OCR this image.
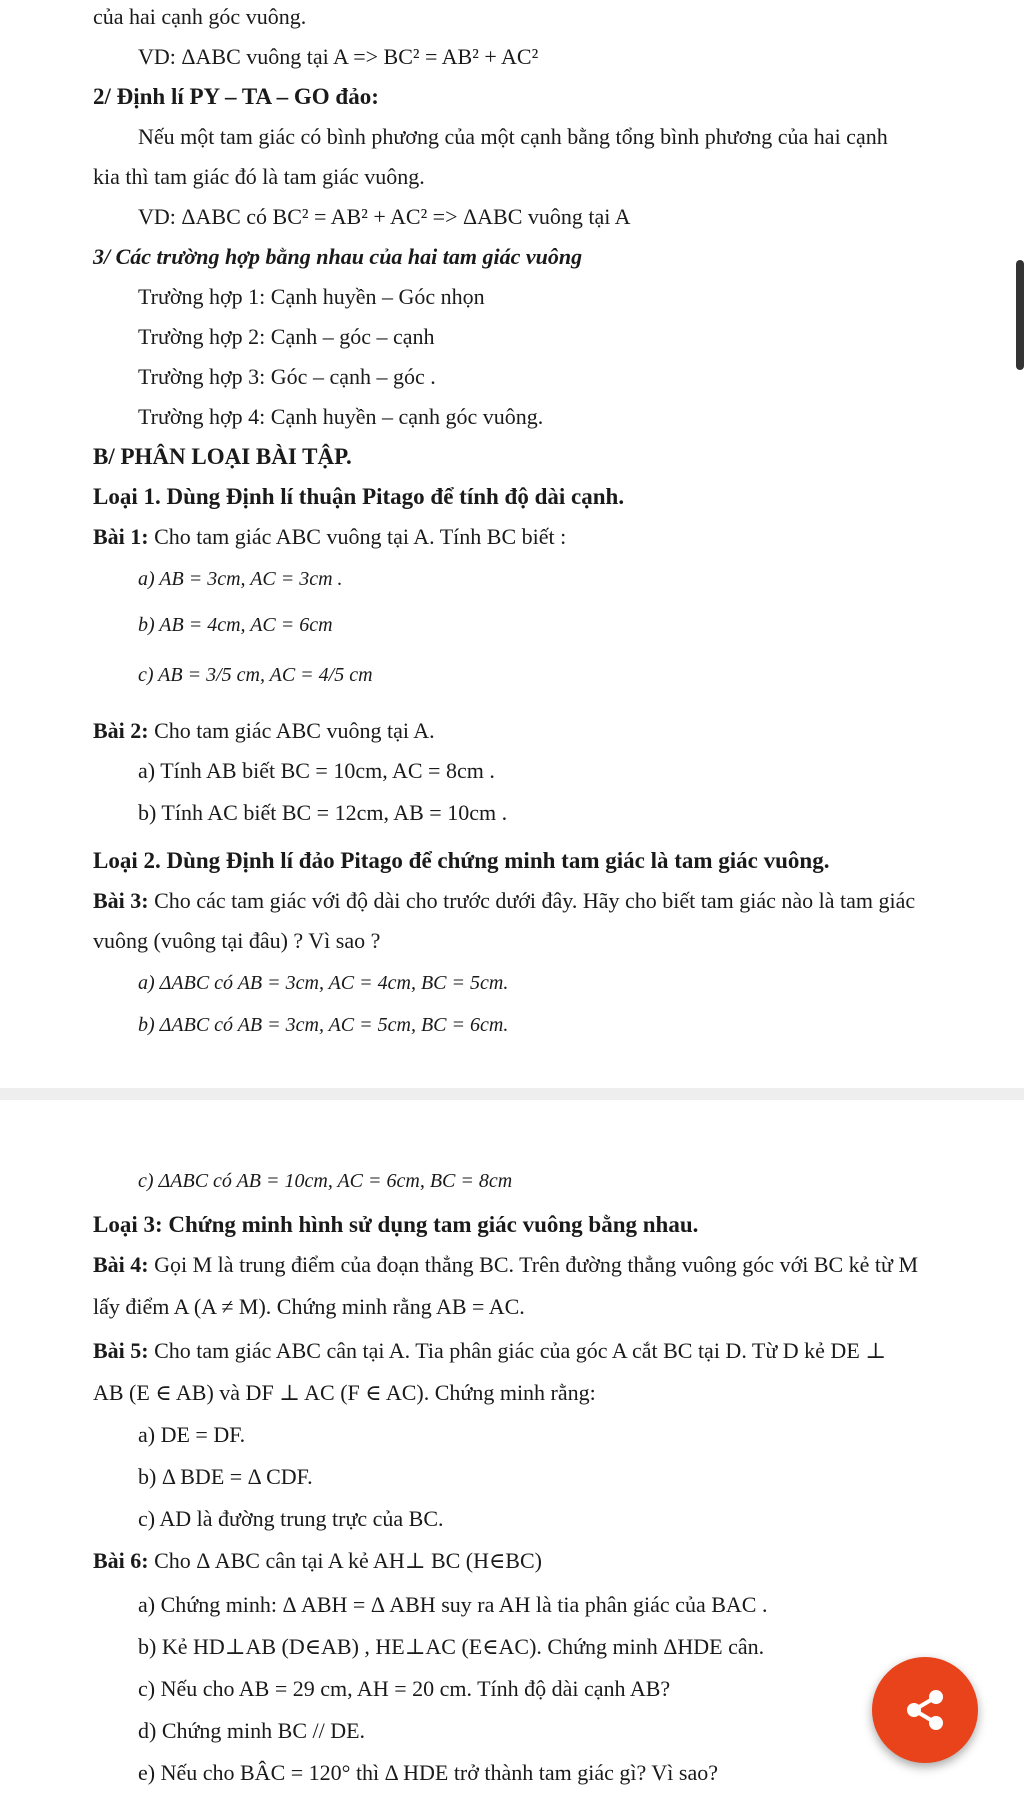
của hai cạnh góc vuông.
VD: ΔABC vuông tại A => BC² = AB² + AC²
2/ Định lí PY – TA – GO đảo:
Nếu một tam giác có bình phương của một cạnh bằng tổng bình phương của hai cạnh
kia thì tam giác đó là tam giác vuông.
VD: ΔABC có BC² = AB² + AC² => ΔABC vuông tại A
3/ Các trường hợp bằng nhau của hai tam giác vuông
Trường hợp 1: Cạnh huyền – Góc nhọn
Trường hợp 2: Cạnh – góc – cạnh
Trường hợp 3: Góc – cạnh – góc .
Trường hợp 4: Cạnh huyền – cạnh góc vuông.
B/ PHÂN LOẠI BÀI TẬP.
Loại 1. Dùng Định lí thuận Pitago để tính độ dài cạnh.
Bài 1: Cho tam giác ABC vuông tại A. Tính BC biết :
a) AB = 3cm, AC = 3cm .
b) AB = 4cm, AC = 6cm
c) AB = 3/5 cm, AC = 4/5 cm
Bài 2: Cho tam giác ABC vuông tại A.
a) Tính AB biết BC = 10cm, AC = 8cm .
b) Tính AC biết BC = 12cm, AB = 10cm .
Loại 2. Dùng Định lí đảo Pitago để chứng minh tam giác là tam giác vuông.
Bài 3: Cho các tam giác với độ dài cho trước dưới đây. Hãy cho biết tam giác nào là tam giác
vuông (vuông tại đâu) ? Vì sao ?
a) ΔABC có AB = 3cm, AC = 4cm, BC = 5cm.
b) ΔABC có AB = 3cm, AC = 5cm, BC = 6cm.
c) ΔABC có AB = 10cm, AC = 6cm, BC = 8cm
Loại 3: Chứng minh hình sử dụng tam giác vuông bằng nhau.
Bài 4: Gọi M là trung điểm của đoạn thẳng BC. Trên đường thẳng vuông góc với BC kẻ từ M
lấy điểm A (A ≠ M). Chứng minh rằng AB = AC.
Bài 5: Cho tam giác ABC cân tại A. Tia phân giác của góc A cắt BC tại D. Từ D kẻ DE ⊥
AB (E ∈ AB) và DF ⊥ AC (F ∈ AC). Chứng minh rằng:
a) DE = DF.
b) Δ BDE = Δ CDF.
c) AD là đường trung trực của BC.
Bài 6: Cho Δ ABC cân tại A kẻ AH⊥ BC (H∈BC)
a) Chứng minh: Δ ABH = Δ ABH suy ra AH là tia phân giác của BAC .
b) Kẻ HD⊥AB (D∈AB) , HE⊥AC (E∈AC). Chứng minh ΔHDE cân.
c) Nếu cho AB = 29 cm, AH = 20 cm. Tính độ dài cạnh AB?
d) Chứng minh BC // DE.
e) Nếu cho BÂC = 120° thì Δ HDE trở thành tam giác gì? Vì sao?
